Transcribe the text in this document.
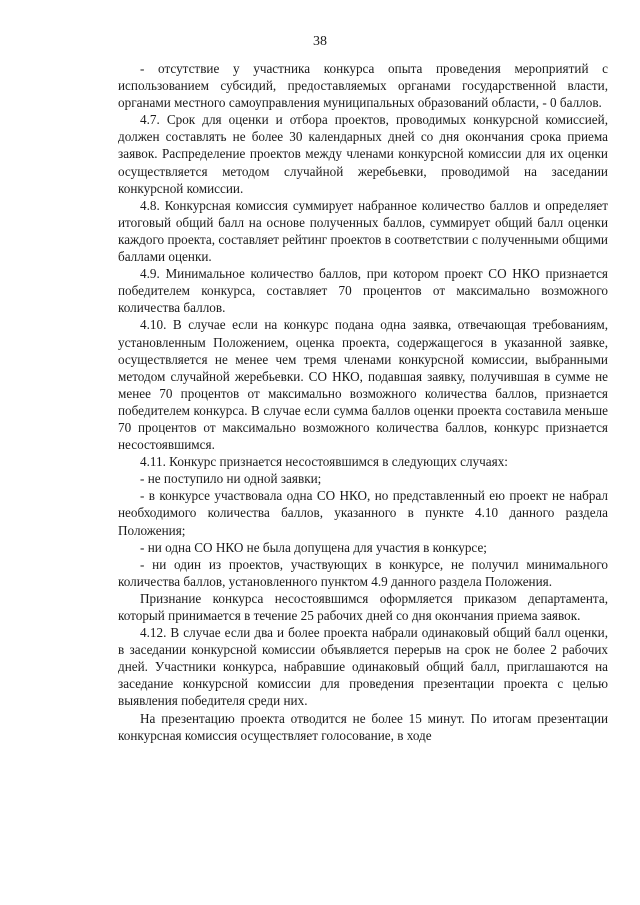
38

- отсутствие у участника конкурса опыта проведения мероприятий с использованием субсидий, предоставляемых органами государственной власти, органами местного самоуправления муниципальных образований области, - 0 баллов.

4.7. Срок для оценки и отбора проектов, проводимых конкурсной комиссией, должен составлять не более 30 календарных дней со дня окончания срока приема заявок. Распределение проектов между членами конкурсной комиссии для их оценки осуществляется методом случайной жеребьевки, проводимой на заседании конкурсной комиссии.

4.8. Конкурсная комиссия суммирует набранное количество баллов и определяет итоговый общий балл на основе полученных баллов, суммирует общий балл оценки каждого проекта, составляет рейтинг проектов в соответствии с полученными общими баллами оценки.

4.9. Минимальное количество баллов, при котором проект СО НКО признается победителем конкурса, составляет 70 процентов от максимально возможного количества баллов.

4.10. В случае если на конкурс подана одна заявка, отвечающая требованиям, установленным Положением, оценка проекта, содержащегося в указанной заявке, осуществляется не менее чем тремя членами конкурсной комиссии, выбранными методом случайной жеребьевки. СО НКО, подавшая заявку, получившая в сумме не менее 70 процентов от максимально возможного количества баллов, признается победителем конкурса. В случае если сумма баллов оценки проекта составила меньше 70 процентов от максимально возможного количества баллов, конкурс признается несостоявшимся.

4.11. Конкурс признается несостоявшимся в следующих случаях:

- не поступило ни одной заявки;

- в конкурсе участвовала одна СО НКО, но представленный ею проект не набрал необходимого количества баллов, указанного в пункте 4.10 данного раздела Положения;

- ни одна СО НКО не была допущена для участия в конкурсе;

- ни один из проектов, участвующих в конкурсе, не получил минимального количества баллов, установленного пунктом 4.9 данного раздела Положения.

Признание конкурса несостоявшимся оформляется приказом департамента, который принимается в течение 25 рабочих дней со дня окончания приема заявок.

4.12. В случае если два и более проекта набрали одинаковый общий балл оценки, в заседании конкурсной комиссии объявляется перерыв на срок не более 2 рабочих дней. Участники конкурса, набравшие одинаковый общий балл, приглашаются на заседание конкурсной комиссии для проведения презентации проекта с целью выявления победителя среди них.

На презентацию проекта отводится не более 15 минут. По итогам презентации конкурсная комиссия осуществляет голосование, в ходе
